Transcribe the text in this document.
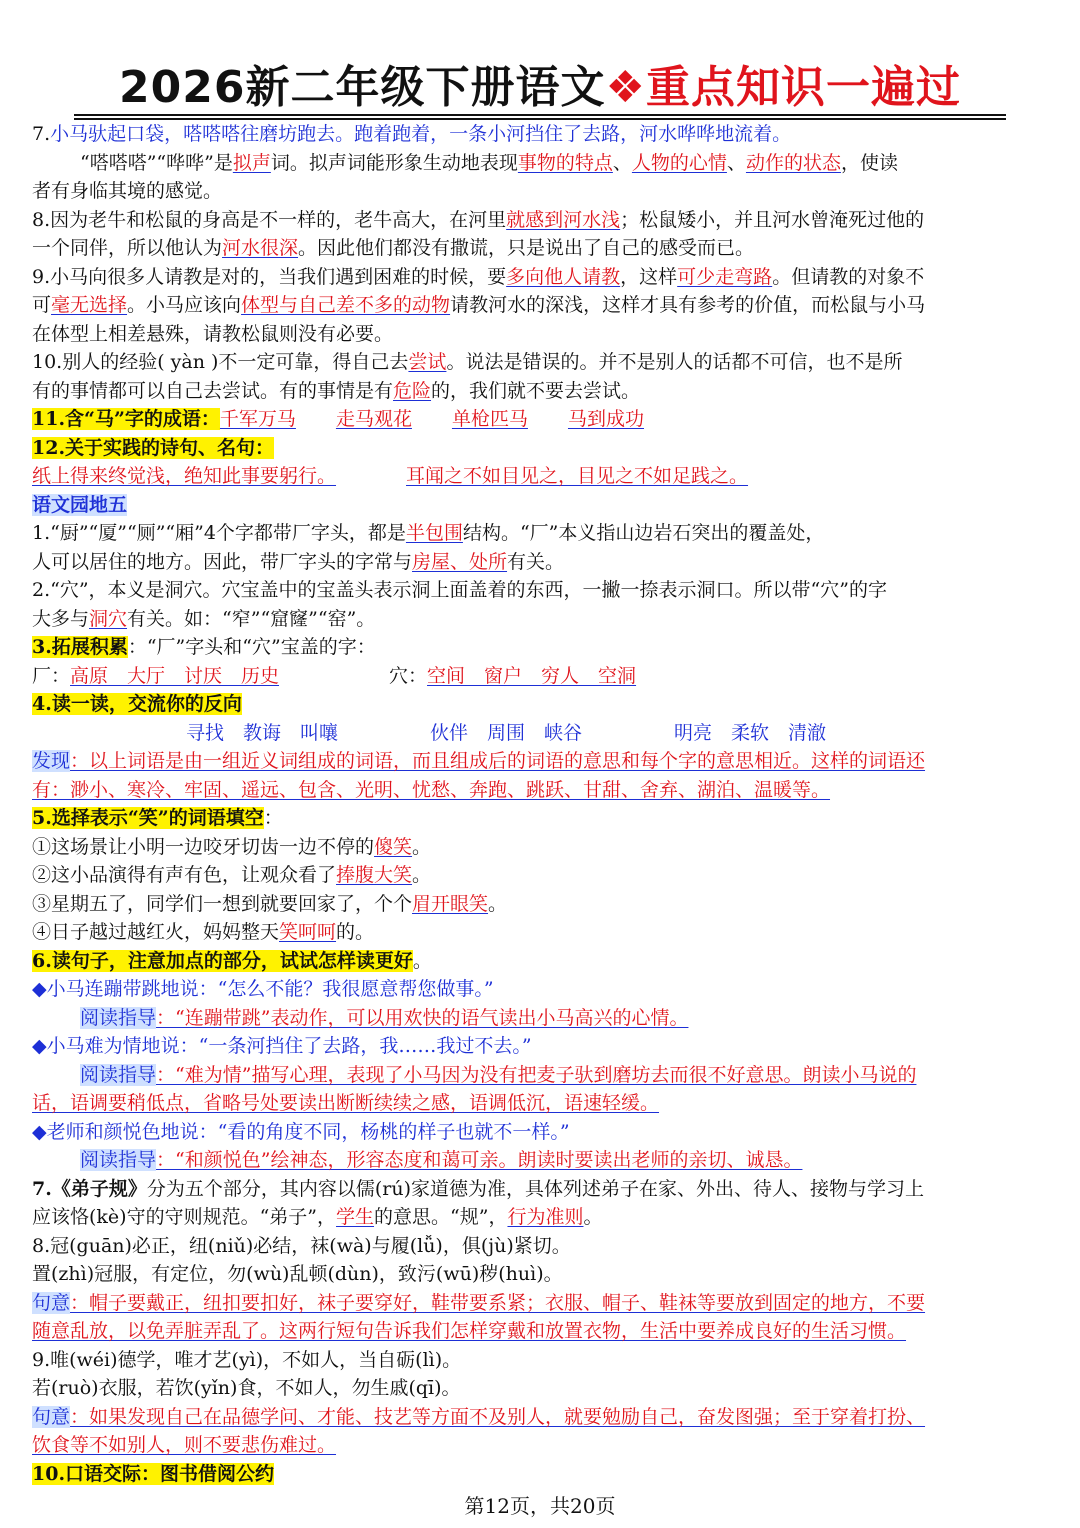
2026新二年级下册语文❖重点知识一遍过
7.小马驮起口袋，嗒嗒嗒往磨坊跑去。跑着跑着，一条小河挡住了去路，河水哗哗地流着。
“嗒嗒嗒”“哗哗”是拟声词。拟声词能形象生动地表现事物的特点、人物的心情、动作的状态，使读
者有身临其境的感觉。
8.因为老牛和松鼠的身高是不一样的，老牛高大，在河里就感到河水浅；松鼠矮小，并且河水曾淹死过他的
一个同伴，所以他认为河水很深。因此他们都没有撒谎，只是说出了自己的感受而已。
9.小马向很多人请教是对的，当我们遇到困难的时候，要多向他人请教，这样可少走弯路。但请教的对象不
可毫无选择。小马应该向体型与自己差不多的动物请教河水的深浅，这样才具有参考的价值，而松鼠与小马
在体型上相差悬殊，请教松鼠则没有必要。
10.别人的经验( yàn )不一定可靠，得自己去尝试。说法是错误的。并不是别人的话都不可信，也不是所
有的事情都可以自己去尝试。有的事情是有危险的，我们就不要去尝试。
11.含“马”字的成语：千军万马 走马观花 单枪匹马 马到成功
12.关于实践的诗句、名句：
纸上得来终觉浅，绝知此事要躬行。	耳闻之不如目见之，目见之不如足践之。
语文园地五
1.“厨”“厦”“厕”“厢”4个字都带厂字头，都是半包围结构。“厂”本义指山边岩石突出的覆盖处，
人可以居住的地方。因此，带厂字头的字常与房屋、处所有关。
2.“穴”，本义是洞穴。穴宝盖中的宝盖头表示洞上面盖着的东西，一撇一捺表示洞口。所以带“穴”的字
大多与洞穴有关。如：“窄”“窟窿”“窑”。
3.拓展积累：“厂”字头和“穴”宝盖的字：
厂：高原　大厅　讨厌　历史	穴：空间　窗户　穷人　空洞
4.读一读，交流你的反向
寻找　教诲　叫嚷	伙伴　周围　峡谷	明亮　柔软　清澈
发现：以上词语是由一组近义词组成的词语，而且组成后的词语的意思和每个字的意思相近。这样的词语还
有：渺小、寒冷、牢固、遥远、包含、光明、忧愁、奔跑、跳跃、甘甜、舍弃、湖泊、温暖等。
5.选择表示“笑”的词语填空：
①这场景让小明一边咬牙切齿一边不停的傻笑。
②这小品演得有声有色，让观众看了捧腹大笑。
③星期五了，同学们一想到就要回家了，个个眉开眼笑。
④日子越过越红火，妈妈整天笑呵呵的。
6.读句子，注意加点的部分，试试怎样读更好。
◆小马连蹦带跳地说：“怎么不能？我很愿意帮您做事。”
阅读指导：“连蹦带跳”表动作，可以用欢快的语气读出小马高兴的心情。
◆小马难为情地说：“一条河挡住了去路，我……我过不去。”
阅读指导：“难为情”描写心理，表现了小马因为没有把麦子驮到磨坊去而很不好意思。朗读小马说的
话，语调要稍低点，省略号处要读出断断续续之感，语调低沉，语速轻缓。
◆老师和颜悦色地说：“看的角度不同，杨桃的样子也就不一样。”
阅读指导：“和颜悦色”绘神态，形容态度和蔼可亲。朗读时要读出老师的亲切、诚恳。
7.《弟子规》分为五个部分，其内容以儒(rú)家道德为准，具体列述弟子在家、外出、待人、接物与学习上
应该恪(kè)守的守则规范。“弟子”，学生的意思。“规”，行为准则。
8.冠(guān)必正，纽(niǔ)必结，袜(wà)与履(lǚ)，俱(jù)紧切。
置(zhì)冠服，有定位，勿(wù)乱顿(dùn)，致污(wū)秽(huì)。
句意：帽子要戴正，纽扣要扣好，袜子要穿好，鞋带要系紧；衣服、帽子、鞋袜等要放到固定的地方，不要
随意乱放，以免弄脏弄乱了。这两行短句告诉我们怎样穿戴和放置衣物，生活中要养成良好的生活习惯。
9.唯(wéi)德学，唯才艺(yì)，不如人，当自砺(lì)。
若(ruò)衣服，若饮(yǐn)食，不如人，勿生戚(qī)。
句意：如果发现自己在品德学问、才能、技艺等方面不及别人，就要勉励自己，奋发图强；至于穿着打扮、
饮食等不如别人，则不要悲伤难过。
10.口语交际：图书借阅公约
第12页，共20页
